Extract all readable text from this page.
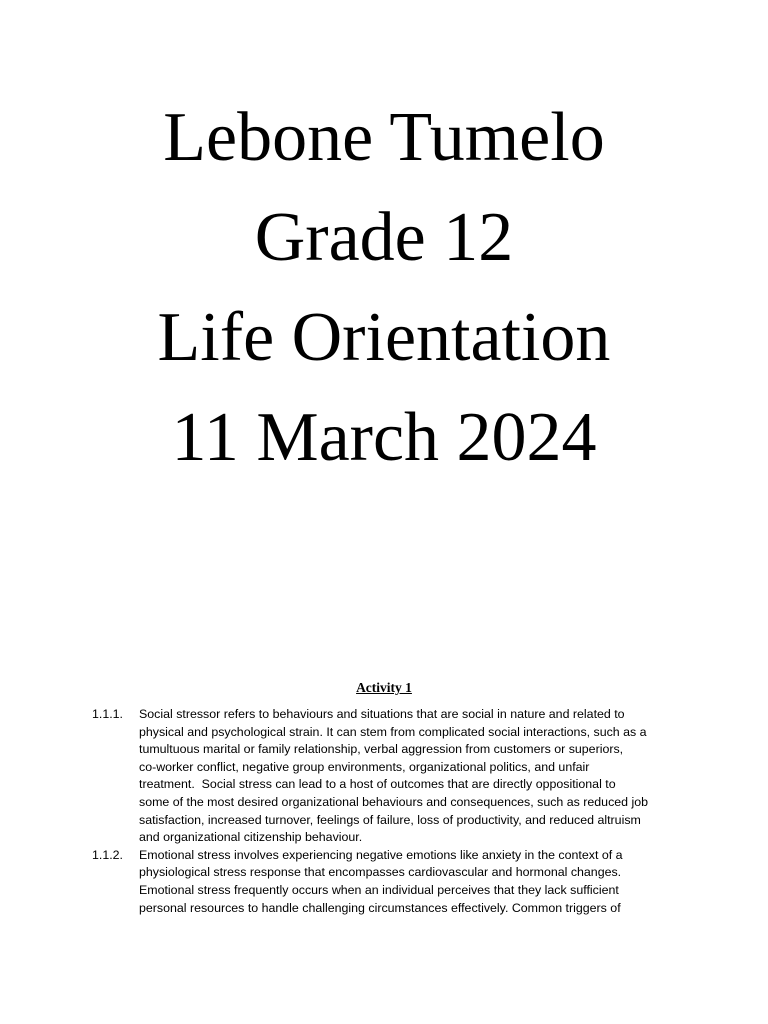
Lebone Tumelo
Grade 12
Life Orientation
11 March 2024
Activity 1
1.1.1. Social stressor refers to behaviours and situations that are social in nature and related to
physical and psychological strain. It can stem from complicated social interactions, such as a
tumultuous marital or family relationship, verbal aggression from customers or superiors,
co-worker conflict, negative group environments, organizational politics, and unfair
treatment.  Social stress can lead to a host of outcomes that are directly oppositional to
some of the most desired organizational behaviours and consequences, such as reduced job
satisfaction, increased turnover, feelings of failure, loss of productivity, and reduced altruism
and organizational citizenship behaviour.
1.1.2. Emotional stress involves experiencing negative emotions like anxiety in the context of a
physiological stress response that encompasses cardiovascular and hormonal changes.
Emotional stress frequently occurs when an individual perceives that they lack sufficient
personal resources to handle challenging circumstances effectively. Common triggers of
